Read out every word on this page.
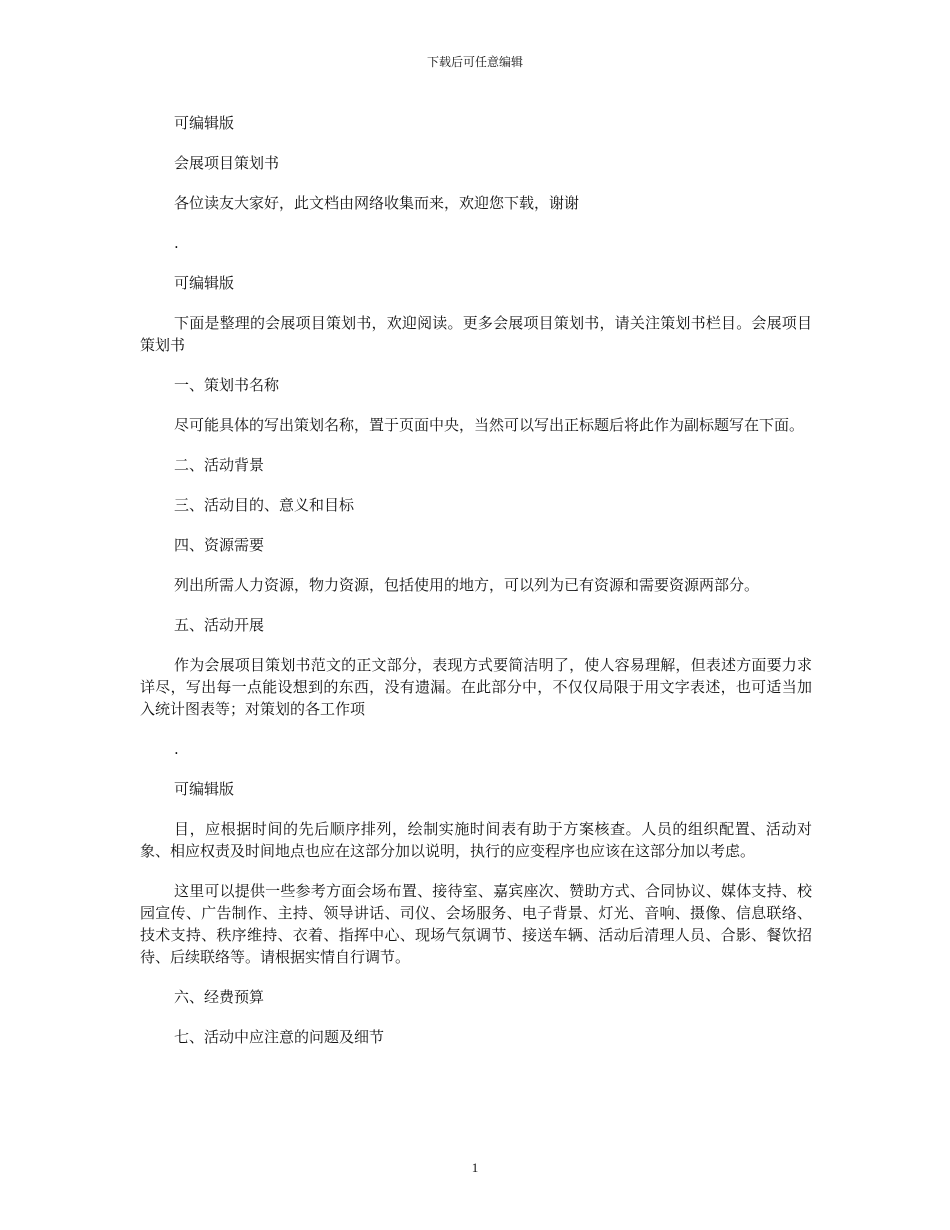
下载后可任意编辑

可编辑版

会展项目策划书

各位读友大家好，此文档由网络收集而来，欢迎您下载，谢谢

.

可编辑版

下面是整理的会展项目策划书，欢迎阅读。更多会展项目策划书，请关注策划书栏目。会展项目策划书

一、策划书名称

尽可能具体的写出策划名称，置于页面中央，当然可以写出正标题后将此作为副标题写在下面。

二、活动背景

三、活动目的、意义和目标

四、资源需要

列出所需人力资源，物力资源，包括使用的地方，可以列为已有资源和需要资源两部分。

五、活动开展

作为会展项目策划书范文的正文部分，表现方式要简洁明了，使人容易理解，但表述方面要力求详尽，写出每一点能设想到的东西，没有遗漏。在此部分中，不仅仅局限于用文字表述，也可适当加入统计图表等；对策划的各工作项

.

可编辑版

目，应根据时间的先后顺序排列，绘制实施时间表有助于方案核查。人员的组织配置、活动对象、相应权责及时间地点也应在这部分加以说明，执行的应变程序也应该在这部分加以考虑。

这里可以提供一些参考方面会场布置、接待室、嘉宾座次、赞助方式、合同协议、媒体支持、校园宣传、广告制作、主持、领导讲话、司仪、会场服务、电子背景、灯光、音响、摄像、信息联络、技术支持、秩序维持、衣着、指挥中心、现场气氛调节、接送车辆、活动后清理人员、合影、餐饮招待、后续联络等。请根据实情自行调节。

六、经费预算

七、活动中应注意的问题及细节

1
